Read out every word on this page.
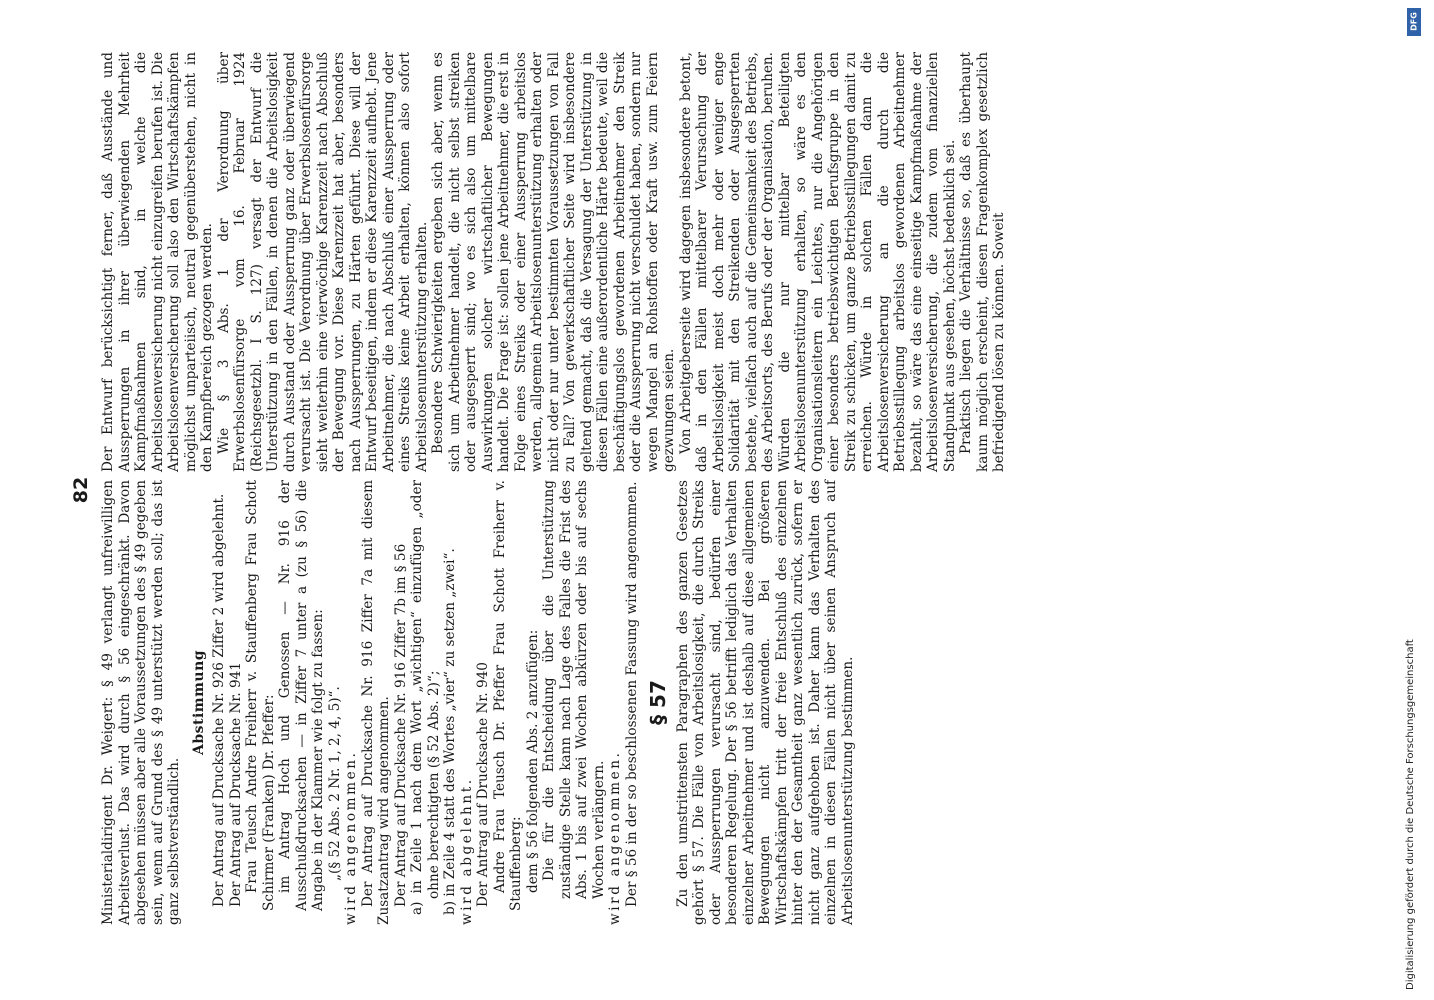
82 Ministerialdirigent Dr. Weigert: § 49 verlangt unfreiwilligen Arbeitsverlust. Das wird durch § 56 eingeschränkt. Davon abgesehen müssen aber alle Voraussetzungen des § 49 gegeben sein, wenn auf Grund des § 49 unterstützt werden soll; das ist ganz selbstverständlich.

Abstimmung Der Antrag auf Drucksache Nr. 926 Ziffer 2 wird abgelehnt. Der Antrag auf Drucksache Nr. 941 Frau Teusch Andre Freiherr v. Stauffenberg Frau Schott Schirmer (Franken) Dr. Pfeffer: im Antrag Hoch und Genossen — Nr. 916 der Ausschußdrucksachen — in Ziffer 7 unter a (zu § 56) die Angabe in der Klammer wie folgt zu fassen: „(§ 52 Abs. 2 Nr. 1, 2, 4, 5)“. wird angenommen. Der Antrag auf Drucksache Nr. 916 Ziffer 7a mit diesem Zusatzantrag wird angenommen. Der Antrag auf Drucksache Nr. 916 Ziffer 7b im § 56 a) in Zeile 1 nach dem Wort „wichtigen“ einzufügen „oder ohne berechtigten (§ 52 Abs. 2)“; b) in Zeile 4 statt des Wortes „vier“ zu setzen „zwei“. wird abgelehnt. Der Antrag auf Drucksache Nr. 940 Andre Frau Teusch Dr. Pfeffer Frau Schott Freiherr v. Stauffenberg: dem § 56 folgenden Abs. 2 anzufügen: Die für die Entscheidung über die Unterstützung zuständige Stelle kann nach Lage des Falles die Frist des Abs. 1 bis auf zwei Wochen abkürzen oder bis auf sechs Wochen verlängern. wird angenommen. Der § 56 in der so beschlossenen Fassung wird angenommen. § 57 Zu den umstrittensten Paragraphen des ganzen Gesetzes gehört § 57. Die Fälle von Arbeitslosigkeit, die durch Streiks oder Aussperrungen verursacht sind, bedürfen einer besonderen Regelung. Der § 56 betrifft lediglich das Verhalten einzelner Arbeitnehmer und ist deshalb auf diese allgemeinen Bewegungen nicht anzuwenden. Bei größeren Wirtschaftskämpfen tritt der freie Entschluß des einzelnen hinter den der Gesamtheit ganz wesentlich zurück, sofern er nicht ganz aufgehoben ist. Daher kann das Verhalten des einzelnen in diesen Fällen nicht über seinen Anspruch auf Arbeitslosenunterstützung bestimmen.

Der Entwurf berücksichtigt ferner, daß Ausstände und Aussperrungen in ihrer überwiegenden Mehrheit Kampfmaßnahmen sind, in welche die Arbeitslosenversicherung nicht einzugreifen berufen ist. Die Arbeitslosenversicherung soll also den Wirtschaftskämpfen möglichst unparteiisch, neutral gegenüberstehen, nicht in den Kampfbereich gezogen werden. Wie § 3 Abs. 1 der Verordnung über Erwerbslosenfürsorge vom 16. Februar 1924 (Reichsgesetzbl. I S. 127) versagt der Entwurf die Unterstützung in den Fällen, in denen die Arbeitslosigkeit durch Ausstand oder Aussperrung ganz oder überwiegend verursacht ist. Die Verordnung über Erwerbslosenfürsorge sieht weiterhin eine vierwöchige Karenzzeit nach Abschluß der Bewegung vor. Diese Karenzzeit hat aber, besonders nach Aussperrungen, zu Härten geführt. Diese will der Entwurf beseitigen, indem er diese Karenzzeit aufhebt. Jene Arbeitnehmer, die nach Abschluß einer Aussperrung oder eines Streiks keine Arbeit erhalten, können also sofort Arbeitslosenunterstützung erhalten. Besondere Schwierigkeiten ergeben sich aber, wenn es sich um Arbeitnehmer handelt, die nicht selbst streiken oder ausgesperrt sind; wo es sich also um mittelbare Auswirkungen solcher wirtschaftlicher Bewegungen handelt. Die Frage ist: sollen jene Arbeitnehmer, die erst in Folge eines Streiks oder einer Aussperrung arbeitslos werden, allgemein Arbeitslosenunterstützung erhalten oder nicht oder nur unter bestimmten Voraussetzungen von Fall zu Fall? Von gewerkschaftlicher Seite wird insbesondere geltend gemacht, daß die Versagung der Unterstützung in diesen Fällen eine außerordentliche Härte bedeute, weil die beschäftigungslos gewordenen Arbeitnehmer den Streik oder die Aussperrung nicht verschuldet haben, sondern nur wegen Mangel an Rohstoffen oder Kraft usw. zum Feiern gezwungen seien. Von Arbeitgeberseite wird dagegen insbesondere betont, daß in den Fällen mittelbarer Verursachung der Arbeitslosigkeit meist doch mehr oder weniger enge Solidarität mit den Streikenden oder Ausgesperrten bestehe, vielfach auch auf die Gemeinsamkeit des Betriebs, des Arbeitsorts, des Berufs oder der Organisation, beruhen. Würden die nur mittelbar Beteiligten Arbeitslosenunterstützung erhalten, so wäre es den Organisationsleitern ein Leichtes, nur die Angehörigen einer besonders betriebswichtigen Berufsgruppe in den Streik zu schicken, um ganze Betriebsstillegungen damit zu erreichen. Würde in solchen Fällen dann die Arbeitslosenversicherung an die durch die Betriebsstillegung arbeitslos gewordenen Arbeitnehmer bezahlt, so wäre das eine einseitige Kampfmaßnahme der Arbeitslosenversicherung, die zudem vom finanziellen Standpunkt aus gesehen, höchst bedenklich sei. Praktisch liegen die Verhältnisse so, daß es überhaupt kaum möglich erscheint, diesen Fragenkomplex gesetzlich befriedigend lösen zu können. Soweit

DFG
Digitalisierung gefördert durch die Deutsche Forschungsgemeinschaft
